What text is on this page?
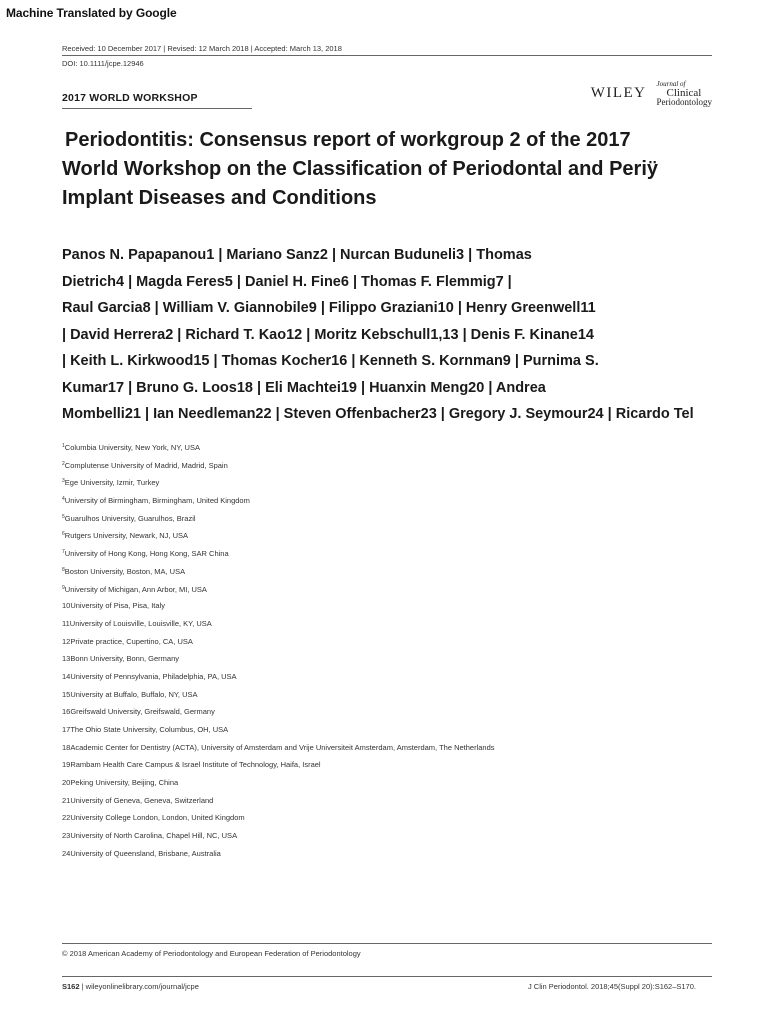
Machine Translated by Google
Received: 10 December 2017 | Revised: 12 March 2018 | Accepted: March 13, 2018
DOI: 10.1111/jcpe.12946
2017 WORLD WORKSHOP	WILEY
Journal of
Clinical
Periodontology
Periodontitis: Consensus report of workgroup 2 of the 2017
World Workshop on the Classification of Periodontal and Periÿ
Implant Diseases and Conditions
Panos N. Papapanou1 | Mariano Sanz2 | Nurcan Buduneli3 | Thomas
Dietrich4 | Magda Feres5 | Daniel H. Fine6 | Thomas F. Flemmig7 |
Raul Garcia8 | William V. Giannobile9 | Filippo Graziani10 | Henry Greenwell11
| David Herrera2 | Richard T. Kao12 | Moritz Kebschull1,13 | Denis F. Kinane14
| Keith L. Kirkwood15 | Thomas Kocher16 | Kenneth S. Kornman9 | Purnima S.
Kumar17 | Bruno G. Loos18 | Eli Machtei19 | Huanxin Meng20 | Andrea
Mombelli21 | Ian Needleman22 | Steven Offenbacher23 | Gregory J. Seymour24 | Ricardo Tel
$^1$Columbia University, New York, NY, USA
$^2$Complutense University of Madrid, Madrid, Spain
$^3$Ege University, Izmir, Turkey
$^4$University of Birmingham, Birmingham, United Kingdom
$^5$Guarulhos University, Guarulhos, Brazil
$^6$Rutgers University, Newark, NJ, USA
$^7$University of Hong Kong, Hong Kong, SAR China
$^8$Boston University, Boston, MA, USA
$^9$University of Michigan, Ann Arbor, MI, USA
10University of Pisa, Pisa, Italy
11University of Louisville, Louisville, KY, USA
12Private practice, Cupertino, CA, USA
13Bonn University, Bonn, Germany
14University of Pennsylvania, Philadelphia, PA, USA
15University at Buffalo, Buffalo, NY, USA
16Greifswald University, Greifswald, Germany
17The Ohio State University, Columbus, OH, USA
18Academic Center for Dentistry (ACTA), University of Amsterdam and Vrije Universiteit Amsterdam, Amsterdam, The Netherlands
19Rambam Health Care Campus & Israel Institute of Technology, Haifa, Israel
20Peking University, Beijing, China
21University of Geneva, Geneva, Switzerland
22University College London, London, United Kingdom
23University of North Carolina, Chapel Hill, NC, USA
24University of Queensland, Brisbane, Australia
© 2018 American Academy of Periodontology and European Federation of Periodontology
S162 | wileyonlinelibrary.com/journal/jcpe	J Clin Periodontol. 2018;45(Suppl 20):S162–S170.
